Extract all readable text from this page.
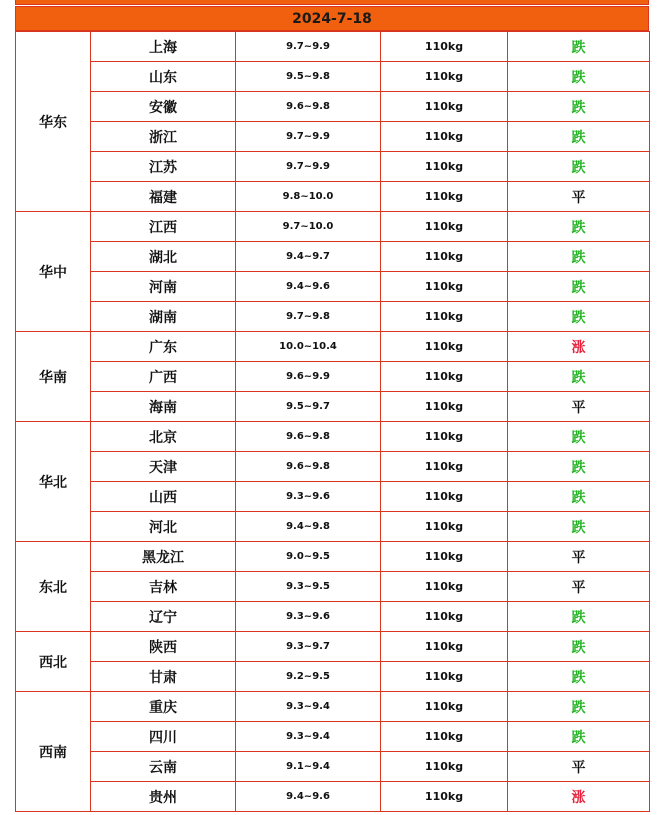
2024-7-18
华东	上海	9.7~9.9	110kg	跌
	山东	9.5~9.8	110kg	跌
	安徽	9.6~9.8	110kg	跌
	浙江	9.7~9.9	110kg	跌
	江苏	9.7~9.9	110kg	跌
	福建	9.8~10.0	110kg	平
华中	江西	9.7~10.0	110kg	跌
	湖北	9.4~9.7	110kg	跌
	河南	9.4~9.6	110kg	跌
	湖南	9.7~9.8	110kg	跌
华南	广东	10.0~10.4	110kg	涨
	广西	9.6~9.9	110kg	跌
	海南	9.5~9.7	110kg	平
华北	北京	9.6~9.8	110kg	跌
	天津	9.6~9.8	110kg	跌
	山西	9.3~9.6	110kg	跌
	河北	9.4~9.8	110kg	跌
东北	黑龙江	9.0~9.5	110kg	平
	吉林	9.3~9.5	110kg	平
	辽宁	9.3~9.6	110kg	跌
西北	陕西	9.3~9.7	110kg	跌
	甘肃	9.2~9.5	110kg	跌
西南	重庆	9.3~9.4	110kg	跌
	四川	9.3~9.4	110kg	跌
	云南	9.1~9.4	110kg	平
	贵州	9.4~9.6	110kg	涨
